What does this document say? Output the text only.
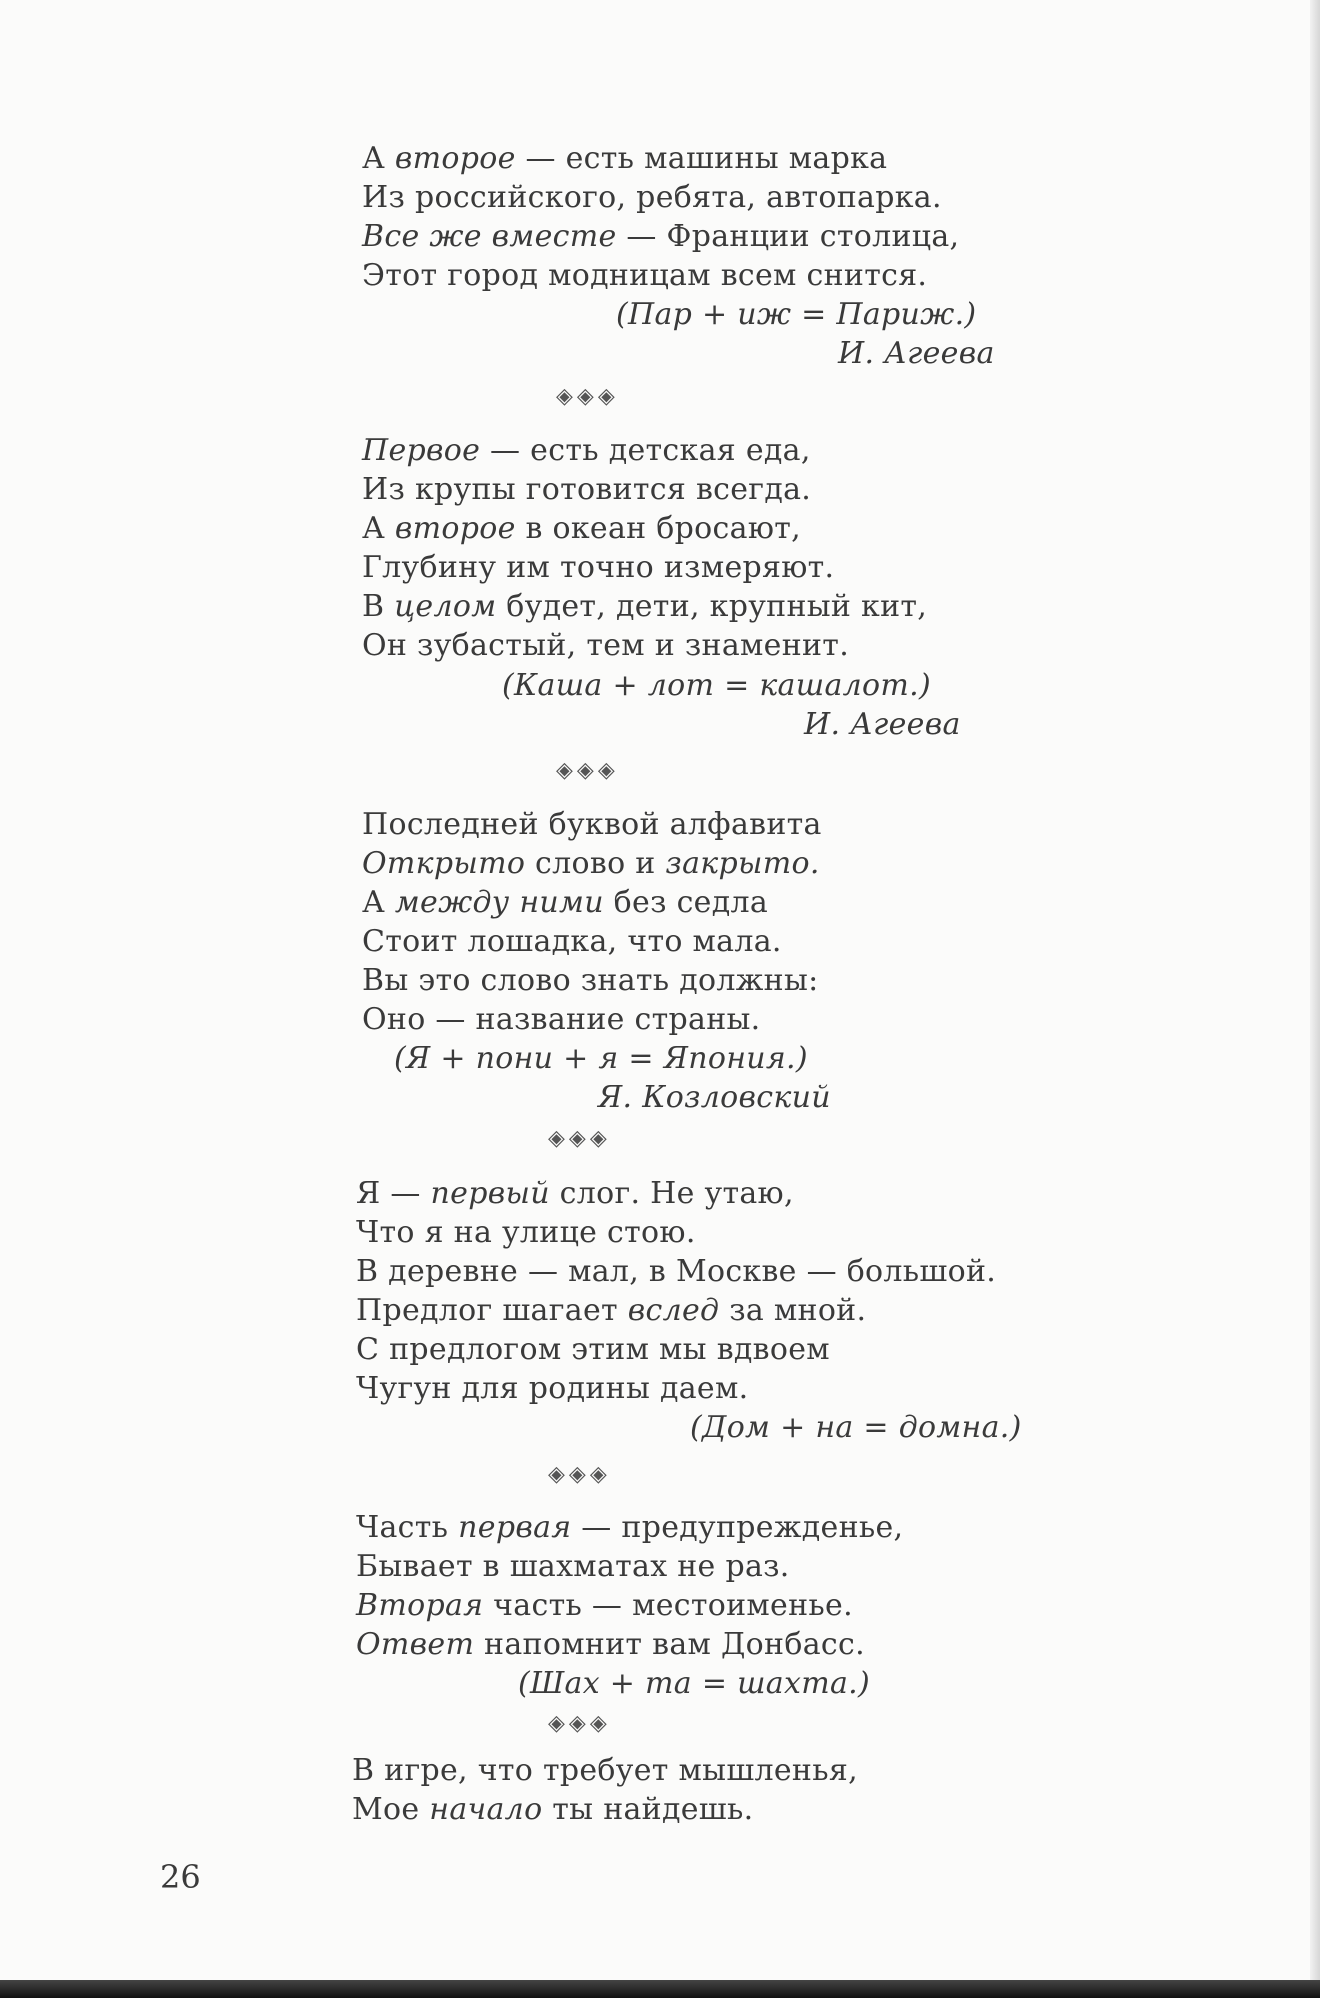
А второе — есть машины марка
Из российского, ребята, автопарка.
Все же вместе — Франции столица,
Этот город модницам всем снится.
(Пар + иж = Париж.)
И. Агеева
◈◈◈
Первое — есть детская еда,
Из крупы готовится всегда.
А второе в океан бросают,
Глубину им точно измеряют.
В целом будет, дети, крупный кит,
Он зубастый, тем и знаменит.
(Каша + лот = кашалот.)
И. Агеева
◈◈◈
Последней буквой алфавита
Открыто слово и закрыто.
А между ними без седла
Стоит лошадка, что мала.
Вы это слово знать должны:
Оно — название страны.
(Я + пони + я = Япония.)
Я. Козловский
◈◈◈
Я — первый слог. Не утаю,
Что я на улице стою.
В деревне — мал, в Москве — большой.
Предлог шагает вслед за мной.
С предлогом этим мы вдвоем
Чугун для родины даем.
(Дом + на = домна.)
◈◈◈
Часть первая — предупрежденье,
Бывает в шахматах не раз.
Вторая часть — местоименье.
Ответ напомнит вам Донбасс.
(Шах + та = шахта.)
◈◈◈
В игре, что требует мышленья,
Мое начало ты найдешь.
26
